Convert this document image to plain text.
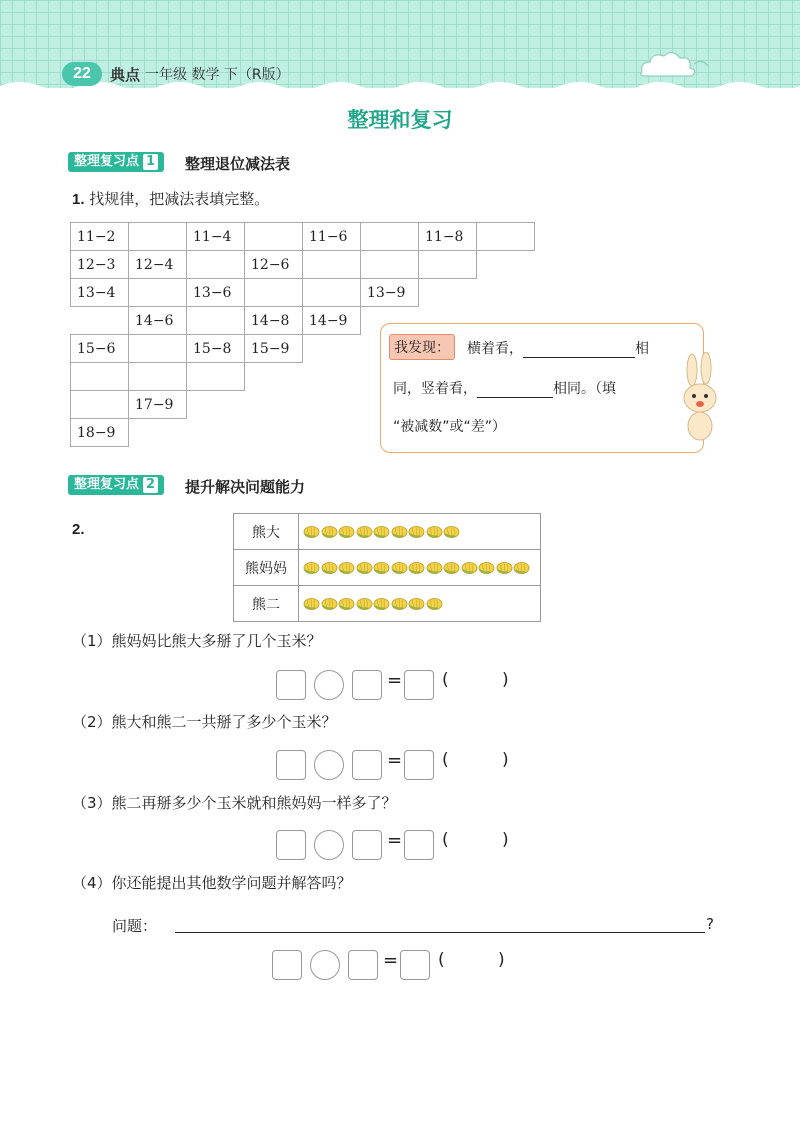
22	典点 一年级 数学 下（R版）
整理和复习
整理复习点 1	整理退位减法表
1. 找规律，把减法表填完整。
11−2		11−4		11−6		11−8	
12−3	12−4		12−6				
13−4		13−6			13−9		
	14−6		14−8	14−9			
15−6		15−8	15−9				

	17−9						
18−9							
我发现：	横着看，	相
同，竖着看，	相同。（填
“被减数”或“差”）
整理复习点 2	提升解决问题能力
2.	熊大	
熊妈妈	
熊二	
（1）熊妈妈比熊大多掰了几个玉米？
（2）熊大和熊二一共掰了多少个玉米？
（3）熊二再掰多少个玉米就和熊妈妈一样多了？
（4）你还能提出其他数学问题并解答吗？
问题：	?
= (	)
= (	)
= (	)
= (	)
